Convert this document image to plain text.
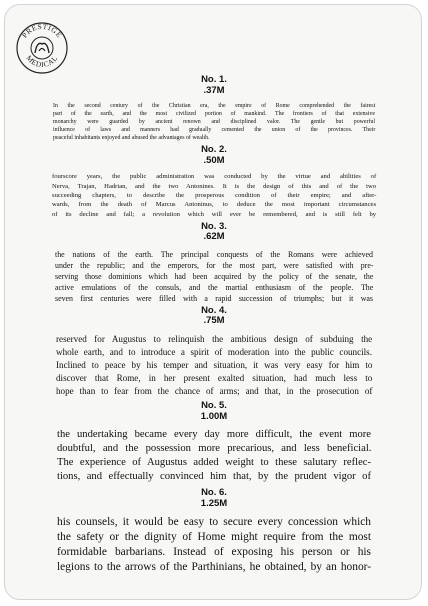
PRESTIGE
MEDICAL
No. 1.
.37M

In the second century of the Christian era, the empire of Rome comprehended the fairest
part of the earth, and the most civilized portion of mankind. The frontiers of that extensive
monarchy were guarded by ancient renown and disciplined valor. The gentle but powerful
influence of laws and manners had gradually cemented the union of the provinces. Their
peaceful inhabitants enjoyed and abused the advantages of wealth.

No. 2.
.50M

fourscore years, the public administration was conducted by the virtue and abilities of
Nerva, Trajan, Hadrian, and the two Antonines. It is the design of this and of the two
succeeding chapters, to describe the prosperous condition of their empire; and after-
wards, from the death of Marcus Antoninus, to deduce the most important circumstances
of its decline and fall; a revolution which will ever be remembered, and is still felt by

No. 3.
.62M

the nations of the earth. The principal conquests of the Romans were achieved
under the republic; and the emperors, for the most part, were satisfied with pre-
serving those dominions which had been acquired by the policy of the senate, the
active emulations of the consuls, and the martial enthusiasm of the people. The
seven first centuries were filled with a rapid succession of triumphs; but it was

No. 4.
.75M

reserved for Augustus to relinquish the ambitious design of subduing the
whole earth, and to introduce a spirit of moderation into the public councils.
Inclined to peace by his temper and situation, it was very easy for him to
discover that Rome, in her present exalted situation, had much less to
hope than to fear from the chance of arms; and that, in the prosecution of

No. 5.
1.00M

the undertaking became every day more difficult, the event more
doubtful, and the possession more precarious, and less beneficial.
The experience of Augustus added weight to these salutary reflec-
tions, and effectually convinced him that, by the prudent vigor of

No. 6.
1.25M

his counsels, it would be easy to secure every concession which
the safety or the dignity of Home might require from the most
formidable barbarians. Instead of exposing his person or his
legions to the arrows of the Parthinians, he obtained, by an honor-
